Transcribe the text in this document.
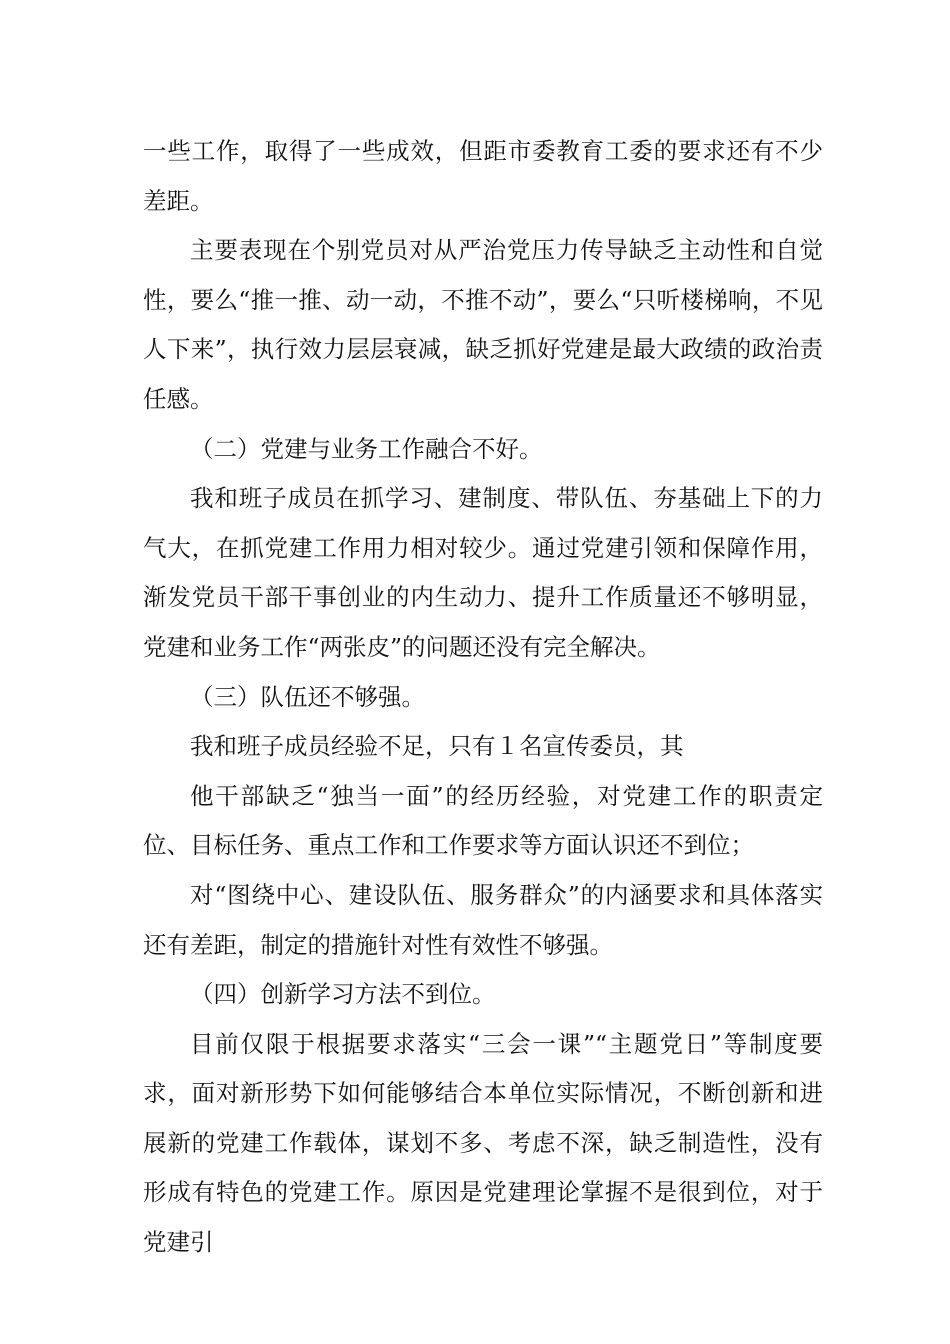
一些工作，取得了一些成效，但距市委教育工委的要求还有不少差距。

主要表现在个别党员对从严治党压力传导缺乏主动性和自觉性，要么“推一推、动一动，不推不动”，要么“只听楼梯响，不见人下来”，执行效力层层衰减，缺乏抓好党建是最大政绩的政治责任感。

（二）党建与业务工作融合不好。

我和班子成员在抓学习、建制度、带队伍、夯基础上下的力气大，在抓党建工作用力相对较少。通过党建引领和保障作用，渐发党员干部干事创业的内生动力、提升工作质量还不够明显，党建和业务工作“两张皮”的问题还没有完全解决。

（三）队伍还不够强。

我和班子成员经验不足，只有１名宣传委员，其

他干部缺乏“独当一面”的经历经验，对党建工作的职责定位、目标任务、重点工作和工作要求等方面认识还不到位；

对“图绕中心、建设队伍、服务群众”的内涵要求和具体落实还有差距，制定的措施针对性有效性不够强。

（四）创新学习方法不到位。

目前仅限于根据要求落实“三会一课”“主题党日”等制度要求，面对新形势下如何能够结合本单位实际情况，不断创新和进展新的党建工作载体，谋划不多、考虑不深，缺乏制造性，没有形成有特色的党建工作。原因是党建理论掌握不是很到位，对于党建引
